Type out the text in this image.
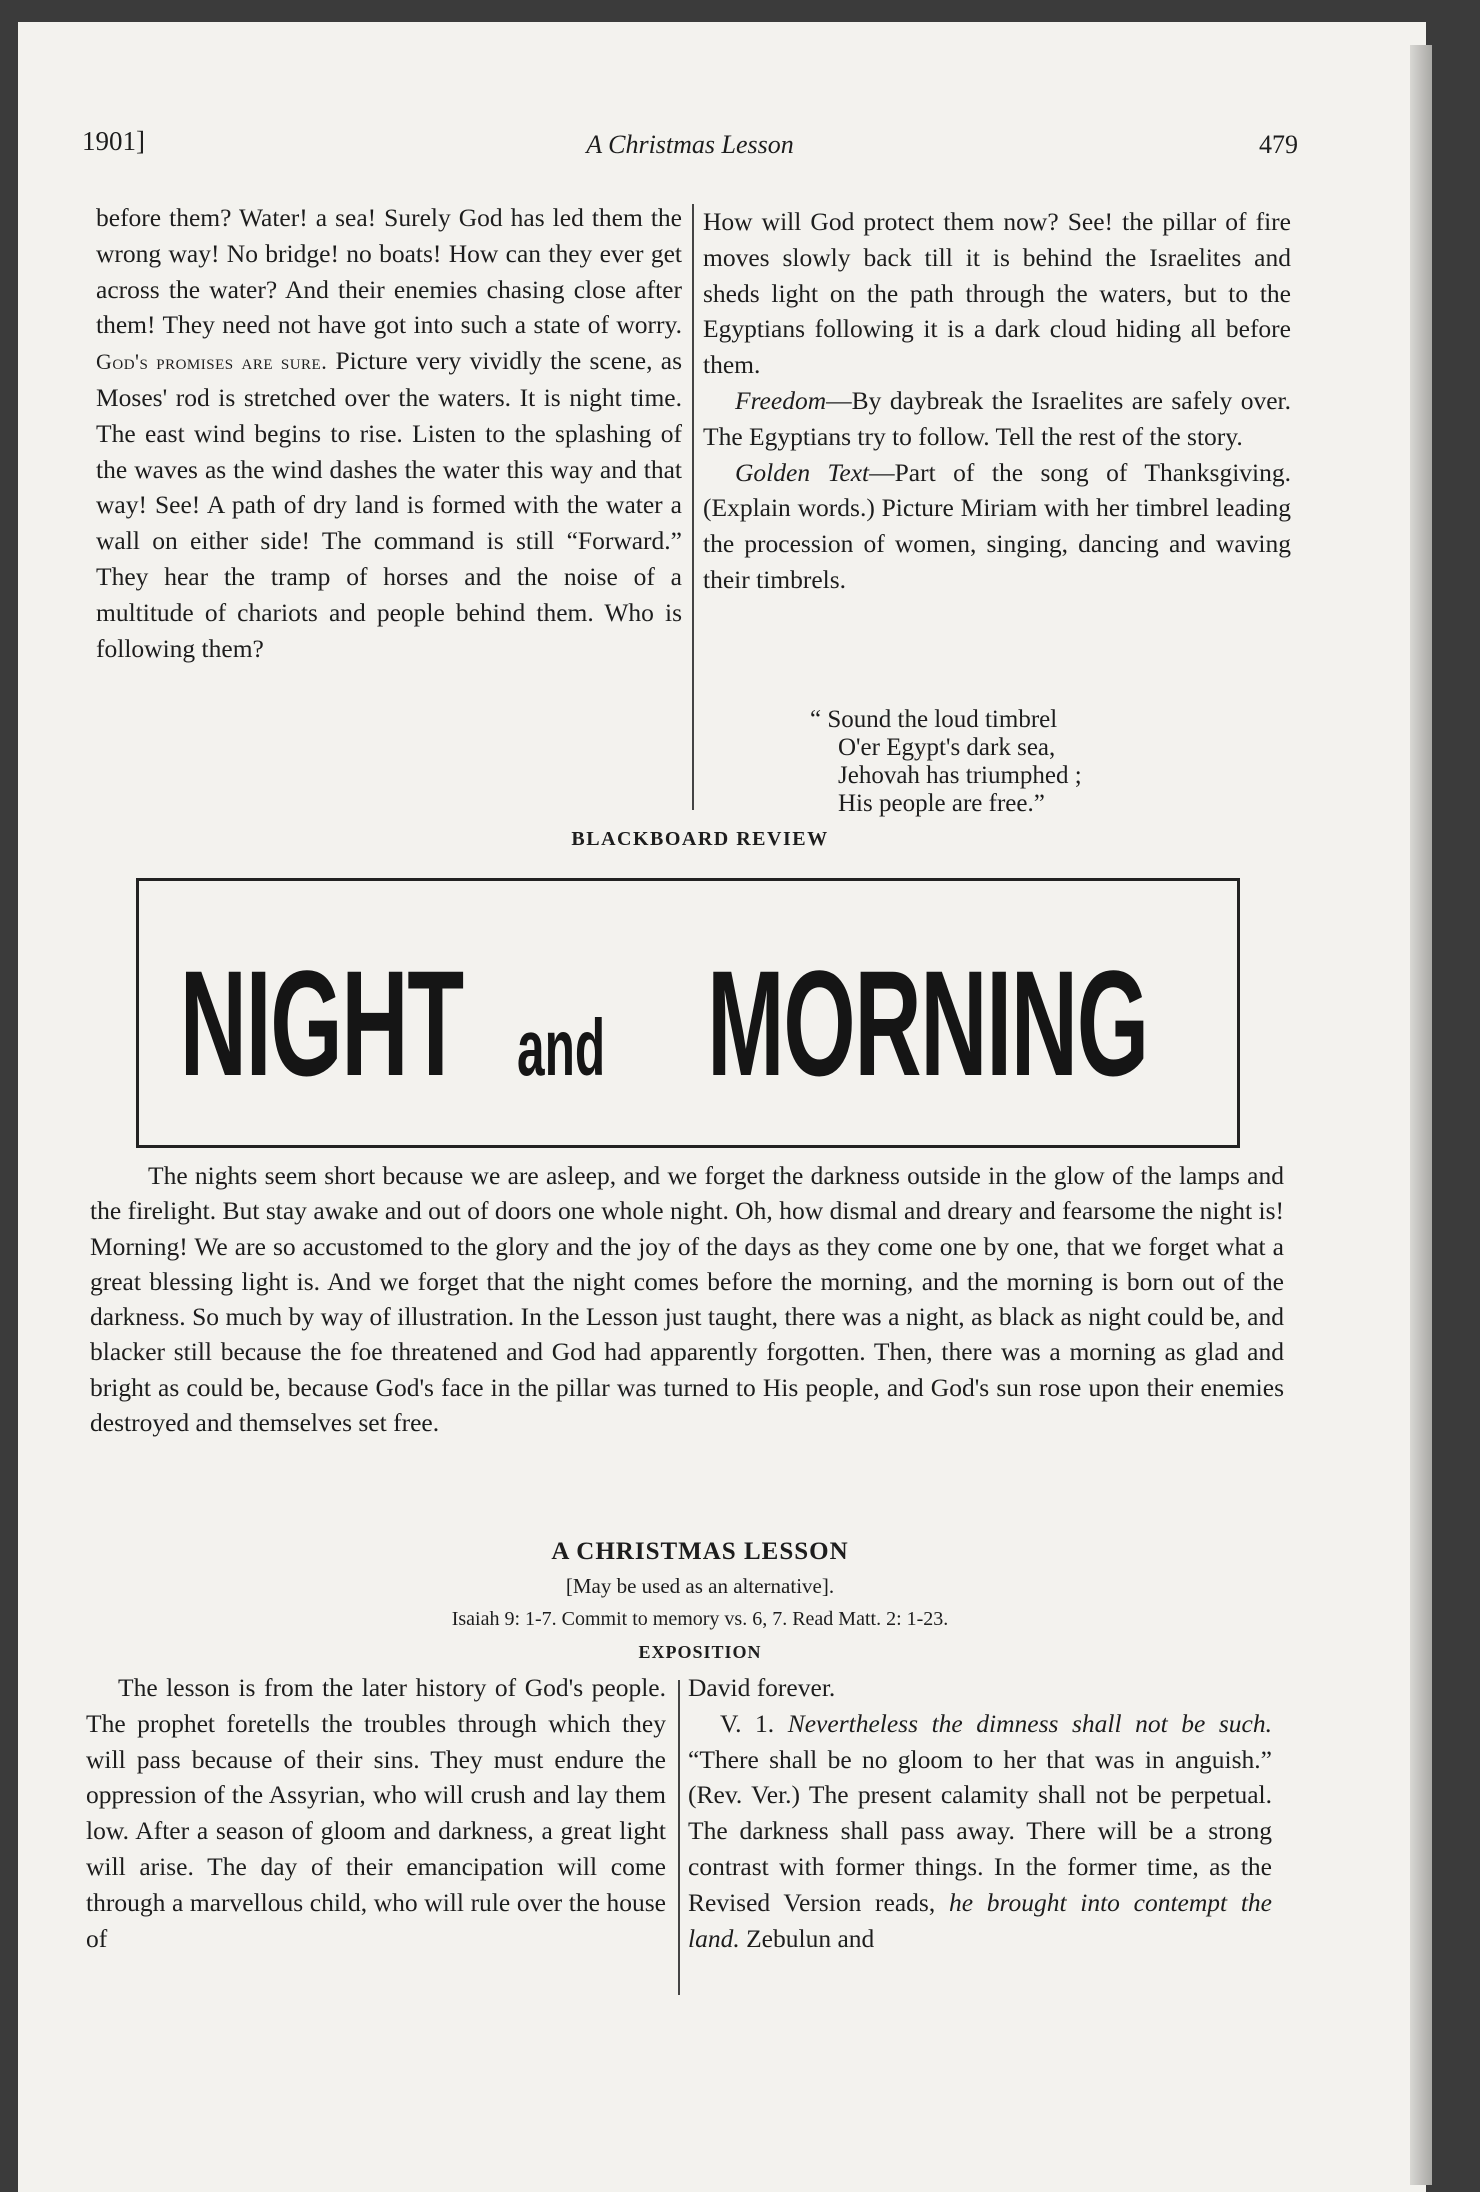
1901]	A Christmas Lesson	479

before them? Water! a sea! Surely God has led them the wrong way! No bridge! no boats! How can they ever get across the water? And their enemies chasing close after them! They need not have got into such a state of worry. God's promises are sure. Picture very vividly the scene, as Moses' rod is stretched over the waters. It is night time. The east wind begins to rise. Listen to the splashing of the waves as the wind dashes the water this way and that way! See! A path of dry land is formed with the water a wall on either side! The command is still “Forward.” They hear the tramp of horses and the noise of a multitude of chariots and people behind them. Who is following them?

How will God protect them now? See! the pillar of fire moves slowly back till it is behind the Israelites and sheds light on the path through the waters, but to the Egyptians following it is a dark cloud hiding all before them.

Freedom—By daybreak the Israelites are safely over. The Egyptians try to follow. Tell the rest of the story.

Golden Text—Part of the song of Thanksgiving. (Explain words.) Picture Miriam with her timbrel leading the procession of women, singing, dancing and waving their timbrels.

“ Sound the loud timbrel
O'er Egypt's dark sea,
Jehovah has triumphed ;
His people are free.”
BLACKBOARD REVIEW
NIGHT and MORNING

The nights seem short because we are asleep, and we forget the darkness outside in the glow of the lamps and the firelight. But stay awake and out of doors one whole night. Oh, how dismal and dreary and fearsome the night is! Morning! We are so accustomed to the glory and the joy of the days as they come one by one, that we forget what a great blessing light is. And we forget that the night comes before the morning, and the morning is born out of the darkness. So much by way of illustration. In the Lesson just taught, there was a night, as black as night could be, and blacker still because the foe threatened and God had apparently forgotten. Then, there was a morning as glad and bright as could be, because God's face in the pillar was turned to His people, and God's sun rose upon their enemies destroyed and themselves set free.

A CHRISTMAS LESSON
[May be used as an alternative].
Isaiah 9: 1-7. Commit to memory vs. 6, 7. Read Matt. 2: 1-23.
EXPOSITION

The lesson is from the later history of God's people. The prophet foretells the troubles through which they will pass because of their sins. They must endure the oppression of the Assyrian, who will crush and lay them low. After a season of gloom and darkness, a great light will arise. The day of their emancipation will come through a marvellous child, who will rule over the house of

David forever.

V. 1. Nevertheless the dimness shall not be such. “There shall be no gloom to her that was in anguish.” (Rev. Ver.) The present calamity shall not be perpetual. The darkness shall pass away. There will be a strong contrast with former things. In the former time, as the Revised Version reads, he brought into contempt the land. Zebulun and
